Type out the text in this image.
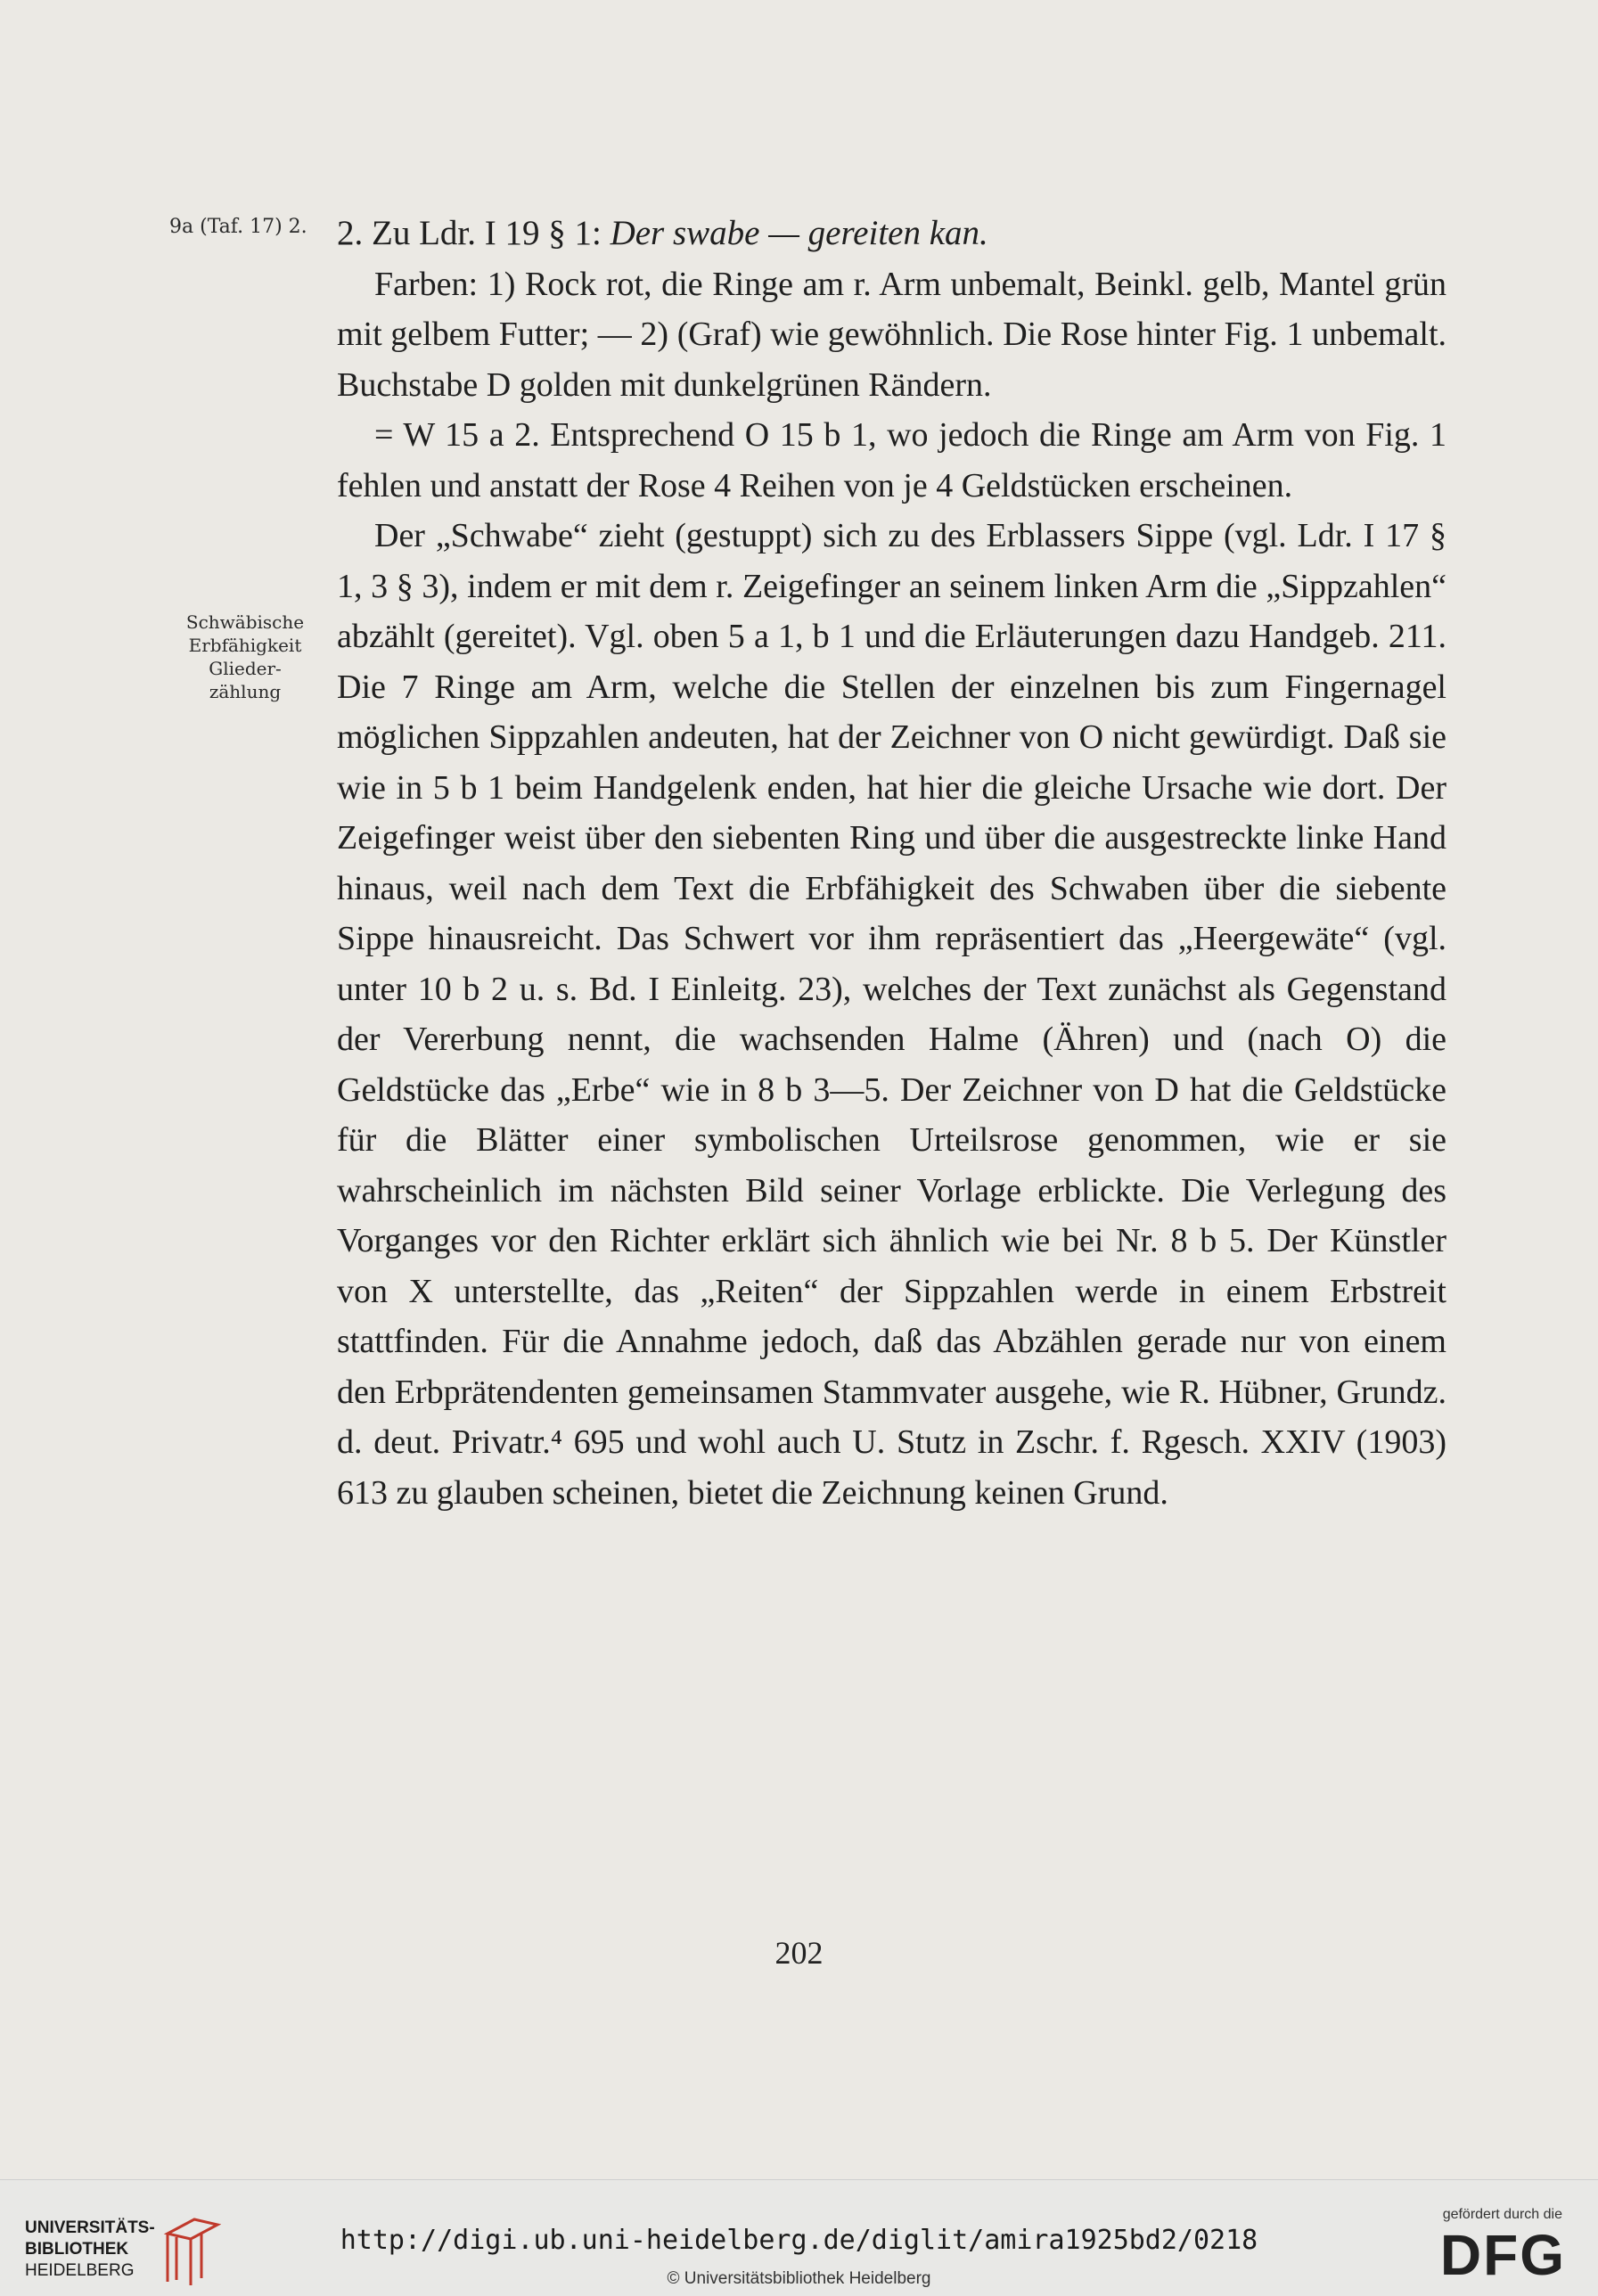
9a (Taf. 17) 2.
Schwäbische
Erbfähigkeit
Glieder-
zählung

2. Zu Ldr. I 19 § 1: Der swabe — gereiten kan.

Farben: 1) Rock rot, die Ringe am r. Arm unbemalt, Beinkl. gelb, Mantel grün mit gelbem Futter; — 2) (Graf) wie gewöhnlich. Die Rose hinter Fig. 1 unbemalt. Buchstabe D golden mit dunkelgrünen Rändern.

= W 15 a 2. Entsprechend O 15 b 1, wo jedoch die Ringe am Arm von Fig. 1 fehlen und anstatt der Rose 4 Reihen von je 4 Geldstücken erscheinen.

Der „Schwabe“ zieht (gestuppt) sich zu des Erblassers Sippe (vgl. Ldr. I 17 § 1, 3 § 3), indem er mit dem r. Zeigefinger an seinem linken Arm die „Sippzahlen“ abzählt (gereitet). Vgl. oben 5 a 1, b 1 und die Erläuterungen dazu Handgeb. 211. Die 7 Ringe am Arm, welche die Stellen der einzelnen bis zum Fingernagel möglichen Sippzahlen andeuten, hat der Zeichner von O nicht gewürdigt. Daß sie wie in 5 b 1 beim Handgelenk enden, hat hier die gleiche Ursache wie dort. Der Zeigefinger weist über den siebenten Ring und über die ausgestreckte linke Hand hinaus, weil nach dem Text die Erbfähigkeit des Schwaben über die siebente Sippe hinausreicht. Das Schwert vor ihm repräsentiert das „Heergewäte“ (vgl. unter 10 b 2 u. s. Bd. I Einleitg. 23), welches der Text zunächst als Gegenstand der Vererbung nennt, die wachsenden Halme (Ähren) und (nach O) die Geldstücke das „Erbe“ wie in 8 b 3—5. Der Zeichner von D hat die Geldstücke für die Blätter einer symbolischen Urteilsrose genommen, wie er sie wahrscheinlich im nächsten Bild seiner Vorlage erblickte. Die Verlegung des Vorganges vor den Richter erklärt sich ähnlich wie bei Nr. 8 b 5. Der Künstler von X unterstellte, das „Reiten“ der Sippzahlen werde in einem Erbstreit stattfinden. Für die Annahme jedoch, daß das Abzählen gerade nur von einem den Erbprätendenten gemeinsamen Stammvater ausgehe, wie R. Hübner, Grundz. d. deut. Privatr.⁴ 695 und wohl auch U. Stutz in Zschr. f. Rgesch. XXIV (1903) 613 zu glauben scheinen, bietet die Zeichnung keinen Grund.

202
UNIVERSITÄTS-
BIBLIOTHEK
HEIDELBERG
http://digi.ub.uni-heidelberg.de/diglit/amira1925bd2/0218
© Universitätsbibliothek Heidelberg
gefördert durch die
DFG
